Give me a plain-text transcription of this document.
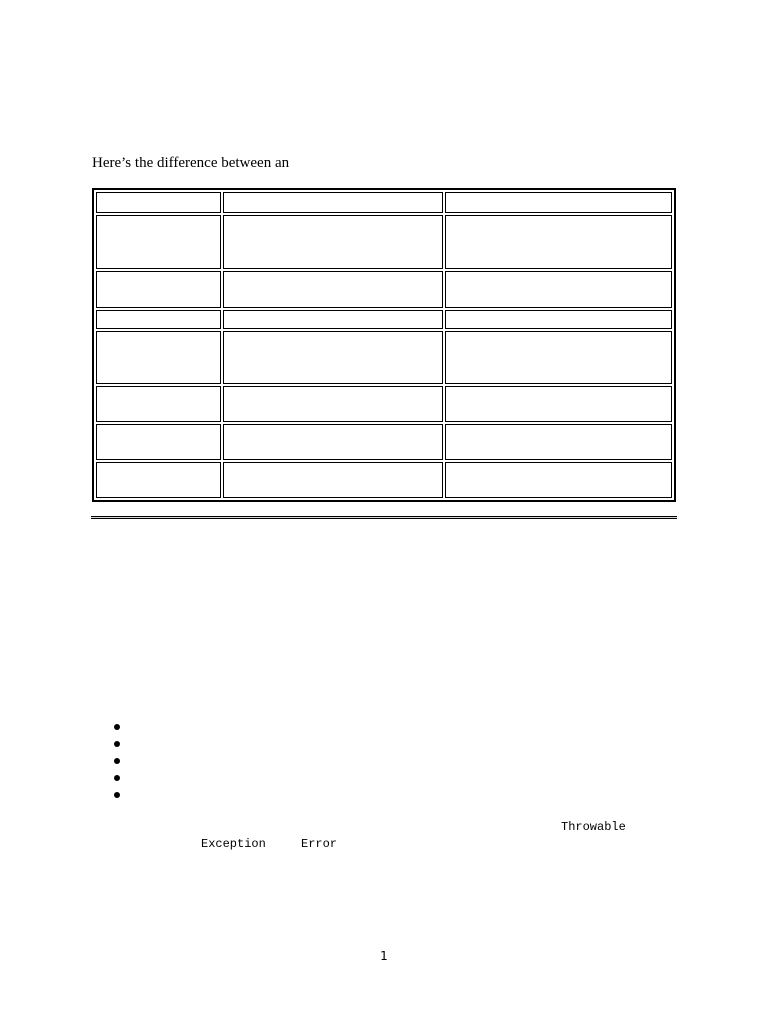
Here’s the difference between an

Throwable
Exception	Error
1
